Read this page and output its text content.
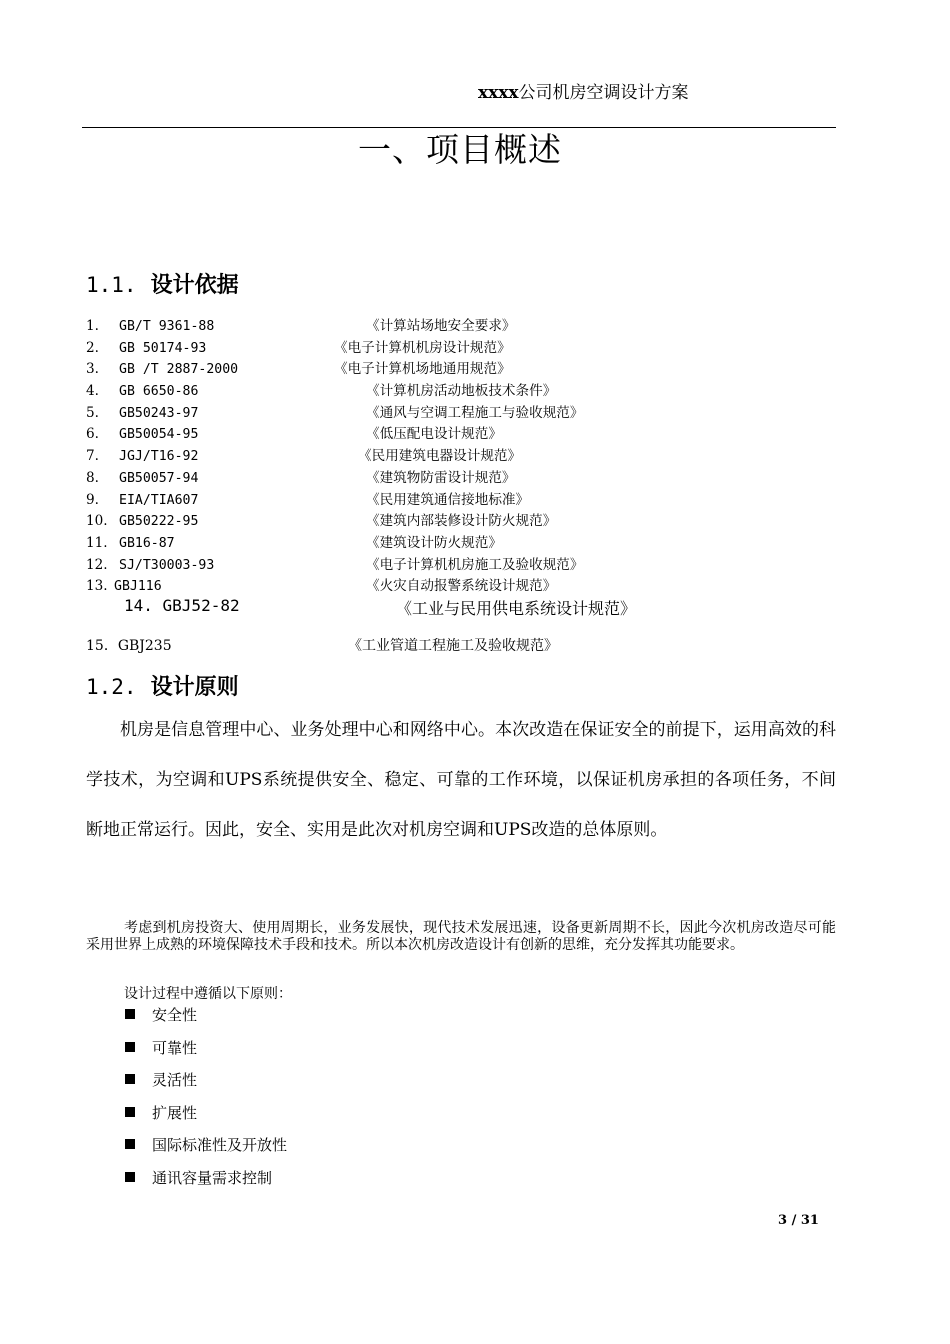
xxxx公司机房空调设计方案
一、项目概述
1.1. 设计依据
1. GB/T 9361-88	《计算站场地安全要求》
2. GB 50174-93	《电子计算机机房设计规范》
3. GB /T 2887-2000	《电子计算机场地通用规范》
4. GB 6650-86	《计算机房活动地板技术条件》
5. GB50243-97	《通风与空调工程施工与验收规范》
6. GB50054-95	《低压配电设计规范》
7. JGJ/T16-92	《民用建筑电器设计规范》
8. GB50057-94	《建筑物防雷设计规范》
9. EIA/TIA607	《民用建筑通信接地标准》
10. GB50222-95	《建筑内部装修设计防火规范》
11. GB16-87	《建筑设计防火规范》
12. SJ/T30003-93	《电子计算机机房施工及验收规范》
13. GBJ116	《火灾自动报警系统设计规范》
14. GBJ52-82	《工业与民用供电系统设计规范》
15．GBJ235	《工业管道工程施工及验收规范》
1.2. 设计原则
机房是信息管理中心、业务处理中心和网络中心。本次改造在保证安全的前提下，运用高效的科学技术，为空调和UPS系统提供安全、稳定、可靠的工作环境，以保证机房承担的各项任务，不间断地正常运行。因此，安全、实用是此次对机房空调和UPS改造的总体原则。
考虑到机房投资大、使用周期长，业务发展快，现代技术发展迅速，设备更新周期不长，因此今次机房改造尽可能采用世界上成熟的环境保障技术手段和技术。所以本次机房改造设计有创新的思维，充分发挥其功能要求。
设计过程中遵循以下原则：
安全性
可靠性
灵活性
扩展性
国际标准性及开放性
通讯容量需求控制
3 / 31
